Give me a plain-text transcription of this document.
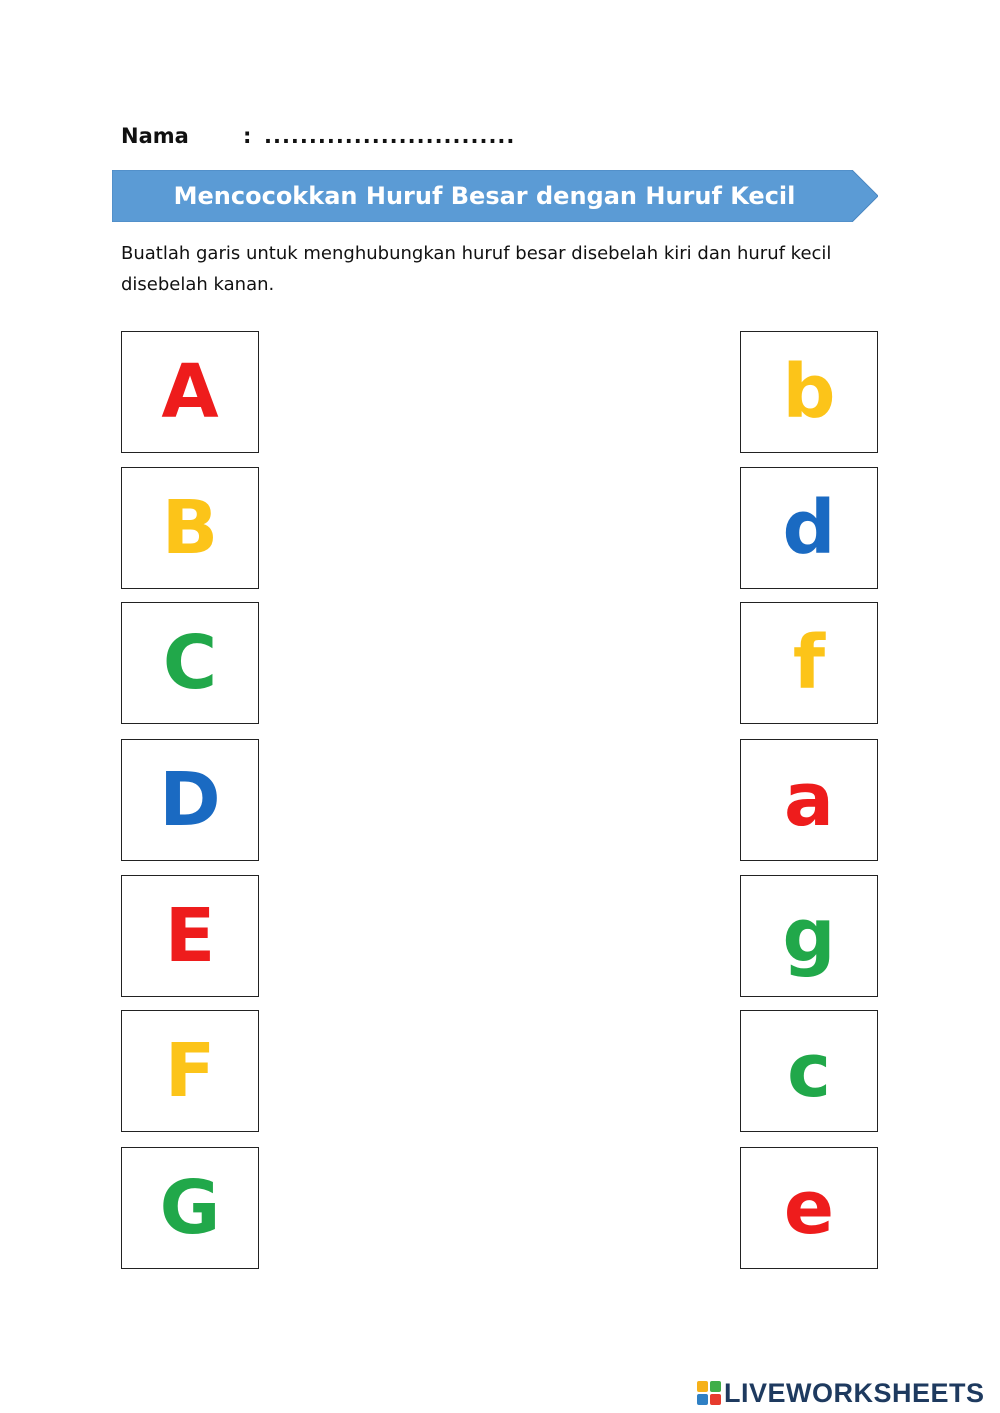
Nama	: ............................
Mencocokkan Huruf Besar dengan Huruf Kecil
Buatlah garis untuk menghubungkan huruf besar disebelah kiri dan huruf kecil disebelah kanan.
A
B
C
D
E
F
G
b
d
f
a
g
c
e
LIVEWORKSHEETS
